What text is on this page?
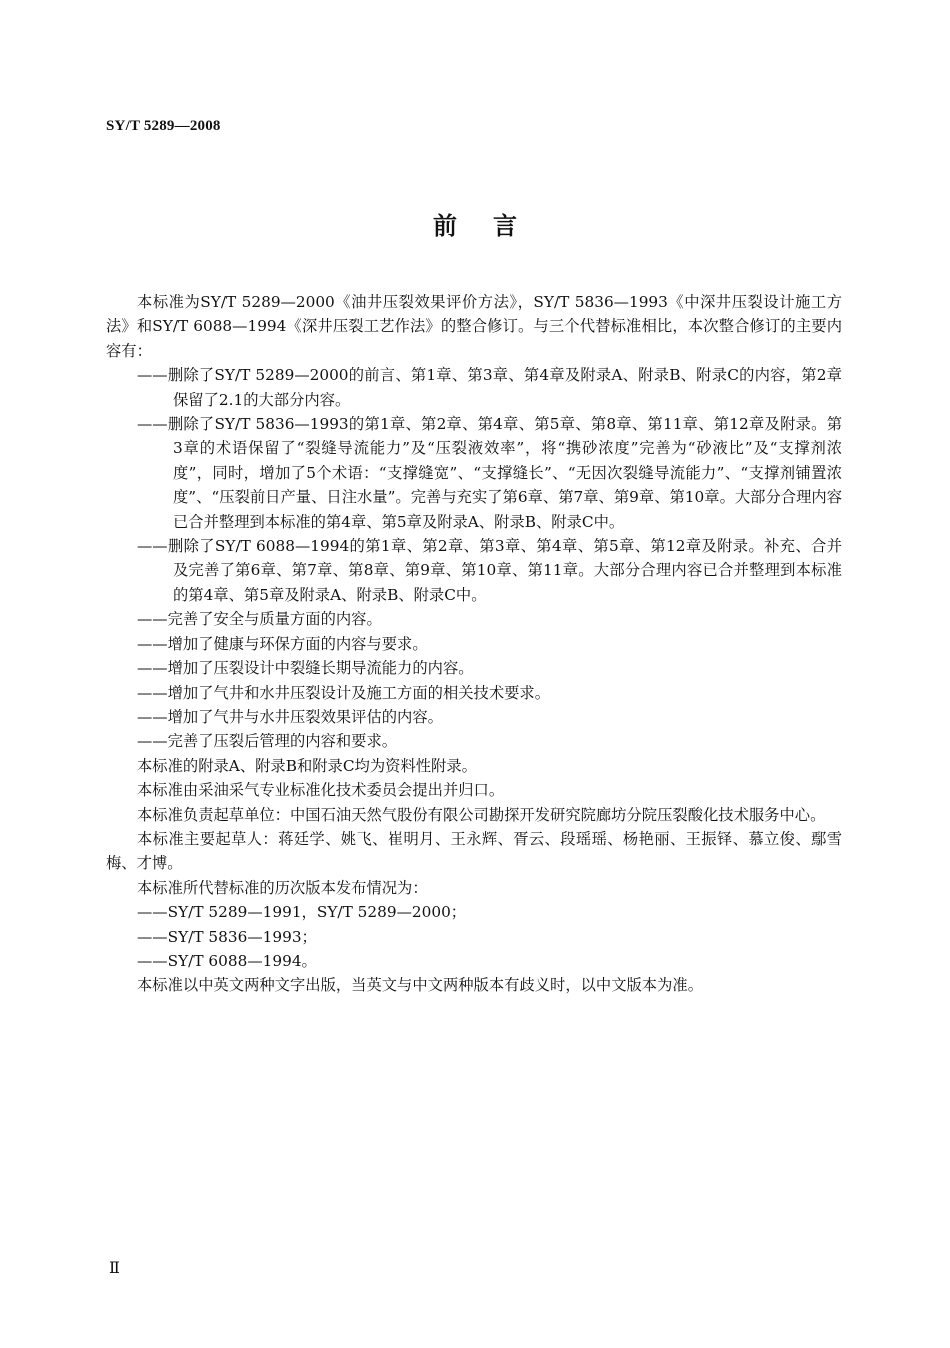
SY/T 5289—2008
前言

本标准为SY/T 5289—2000《油井压裂效果评价方法》，SY/T 5836—1993《中深井压裂设计施工方法》和SY/T 6088—1994《深井压裂工艺作法》的整合修订。与三个代替标准相比，本次整合修订的主要内容有：

——删除了SY/T 5289—2000的前言、第1章、第3章、第4章及附录A、附录B、附录C的内容，第2章保留了2.1的大部分内容。

——删除了SY/T 5836—1993的第1章、第2章、第4章、第5章、第8章、第11章、第12章及附录。第3章的术语保留了“裂缝导流能力”及“压裂液效率”，将“携砂浓度”完善为“砂液比”及“支撑剂浓度”，同时，增加了5个术语：“支撑缝宽”、“支撑缝长”、“无因次裂缝导流能力”、“支撑剂铺置浓度”、“压裂前日产量、日注水量”。完善与充实了第6章、第7章、第9章、第10章。大部分合理内容已合并整理到本标准的第4章、第5章及附录A、附录B、附录C中。

——删除了SY/T 6088—1994的第1章、第2章、第3章、第4章、第5章、第12章及附录。补充、合并及完善了第6章、第7章、第8章、第9章、第10章、第11章。大部分合理内容已合并整理到本标准的第4章、第5章及附录A、附录B、附录C中。

——完善了安全与质量方面的内容。

——增加了健康与环保方面的内容与要求。

——增加了压裂设计中裂缝长期导流能力的内容。

——增加了气井和水井压裂设计及施工方面的相关技术要求。

——增加了气井与水井压裂效果评估的内容。

——完善了压裂后管理的内容和要求。

本标准的附录A、附录B和附录C均为资料性附录。

本标准由采油采气专业标准化技术委员会提出并归口。

本标准负责起草单位：中国石油天然气股份有限公司勘探开发研究院廊坊分院压裂酸化技术服务中心。

本标准主要起草人：蒋廷学、姚飞、崔明月、王永辉、胥云、段瑶瑶、杨艳丽、王振铎、慕立俊、鄢雪梅、才博。

本标准所代替标准的历次版本发布情况为：

——SY/T 5289—1991，SY/T 5289—2000；

——SY/T 5836—1993；

——SY/T 6088—1994。

本标准以中英文两种文字出版，当英文与中文两种版本有歧义时，以中文版本为准。

Ⅱ
